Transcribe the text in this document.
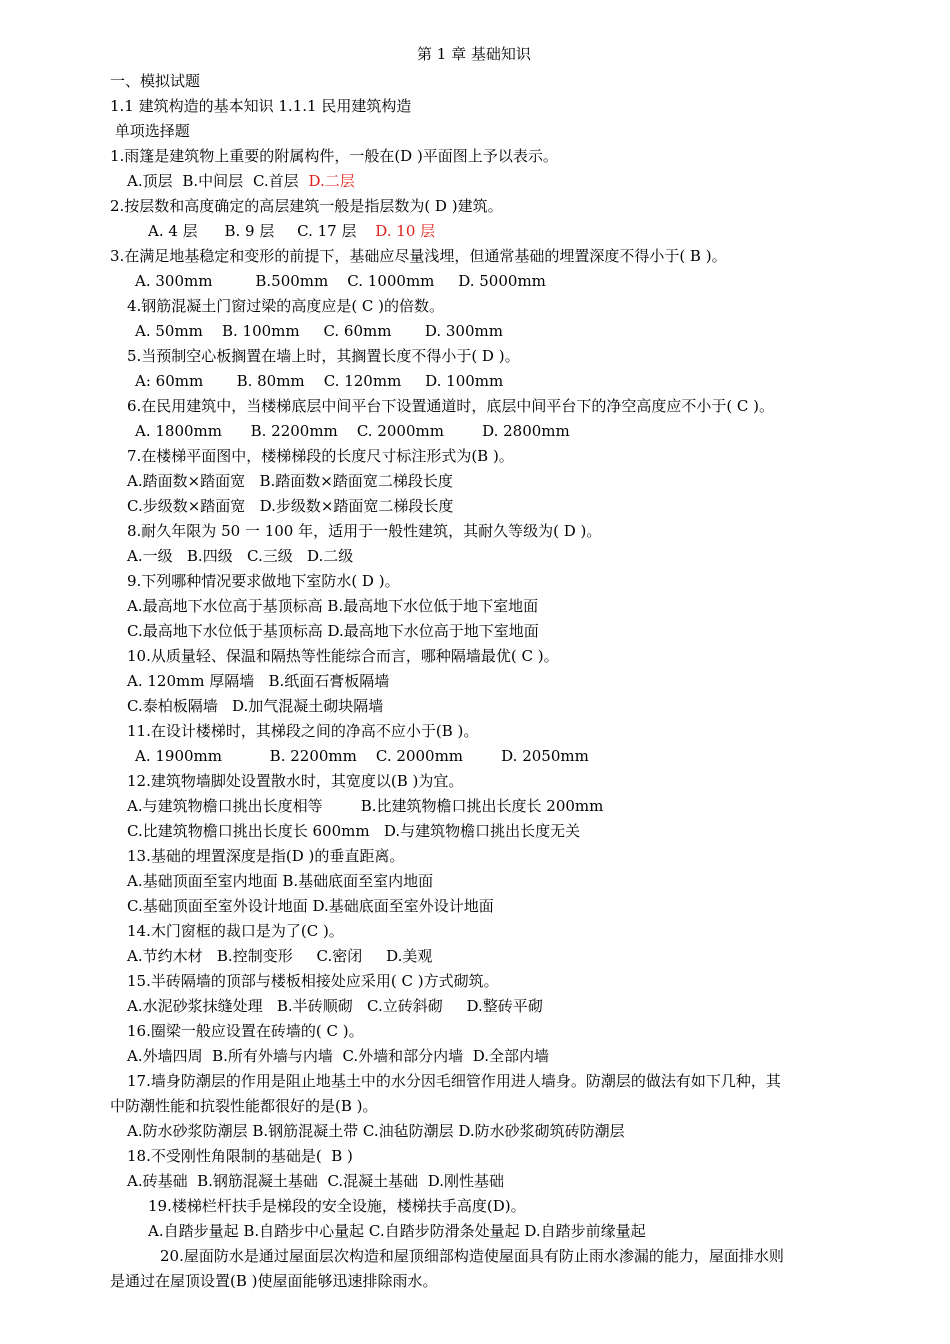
第 1 章 基础知识
一、模拟试题
1.1 建筑构造的基本知识 1.1.1 民用建筑构造
单项选择题
1.雨篷是建筑物上重要的附属构件，一般在(D )平面图上予以表示。
A.顶层 B.中间层 C.首层 D.二层
2.按层数和高度确定的高层建筑一般是指层数为( D )建筑。
A. 4 层 B. 9 层 C. 17 层 D. 10 层
3.在满足地基稳定和变形的前提下，基础应尽量浅埋，但通常基础的埋置深度不得小于( B )。
A. 300mm         B.500mm    C. 1000mm     D. 5000mm
4.钢筋混凝土门窗过梁的高度应是( C )的倍数。
A. 50mm    B. 100mm     C. 60mm       D. 300mm
5.当预制空心板搁置在墙上时，其搁置长度不得小于( D )。
A: 60mm       B. 80mm    C. 120mm     D. 100mm
6.在民用建筑中，当楼梯底层中间平台下设置通道时，底层中间平台下的净空高度应不小于( C )。
A. 1800mm      B. 2200mm    C. 2000mm        D. 2800mm
7.在楼梯平面图中，楼梯梯段的长度尺寸标注形式为(B )。
A.踏面数×踏面宽   B.踏面数×踏面宽二梯段长度
C.步级数×踏面宽   D.步级数×踏面宽二梯段长度
8.耐久年限为 50 一 100 年，适用于一般性建筑，其耐久等级为( D )。
A.一级   B.四级   C.三级   D.二级
9.下列哪种情况要求做地下室防水( D )。
A.最高地下水位高于基顶标高 B.最高地下水位低于地下室地面
C.最高地下水位低于基顶标高 D.最高地下水位高于地下室地面
10.从质量轻、保温和隔热等性能综合而言，哪种隔墙最优( C )。
A. 120mm 厚隔墙   B.纸面石膏板隔墙
C.泰柏板隔墙   D.加气混凝土砌块隔墙
11.在设计楼梯时，其梯段之间的净高不应小于(B )。
A. 1900mm          B. 2200mm    C. 2000mm        D. 2050mm
12.建筑物墙脚处设置散水时，其宽度以(B )为宜。
A.与建筑物檐口挑出长度相等        B.比建筑物檐口挑出长度长 200mm
C.比建筑物檐口挑出长度长 600mm   D.与建筑物檐口挑出长度无关
13.基础的埋置深度是指(D )的垂直距离。
A.基础顶面至室内地面 B.基础底面至室内地面
C.基础顶面至室外设计地面 D.基础底面至室外设计地面
14.木门窗框的裁口是为了(C )。
A.节约木材   B.控制变形     C.密闭     D.美观
15.半砖隔墙的顶部与楼板相接处应采用( C )方式砌筑。
A.水泥砂浆抹缝处理   B.半砖顺砌   C.立砖斜砌     D.整砖平砌
16.圈梁一般应设置在砖墙的( C )。
A.外墙四周  B.所有外墙与内墙  C.外墙和部分内墙  D.全部内墙
17.墙身防潮层的作用是阻止地基土中的水分因毛细管作用进人墙身。防潮层的做法有如下几种，其
中防潮性能和抗裂性能都很好的是(B )。
A.防水砂浆防潮层 B.钢筋混凝土带 C.油毡防潮层 D.防水砂浆砌筑砖防潮层
18.不受刚性角限制的基础是(  B )
A.砖基础  B.钢筋混凝土基础  C.混凝土基础  D.刚性基础
19.楼梯栏杆扶手是梯段的安全设施，楼梯扶手高度(D)。
A.自踏步量起 B.自踏步中心量起 C.自踏步防滑条处量起 D.自踏步前缘量起
20.屋面防水是通过屋面层次构造和屋顶细部构造使屋面具有防止雨水渗漏的能力，屋面排水则
是通过在屋顶设置(B )使屋面能够迅速排除雨水。
